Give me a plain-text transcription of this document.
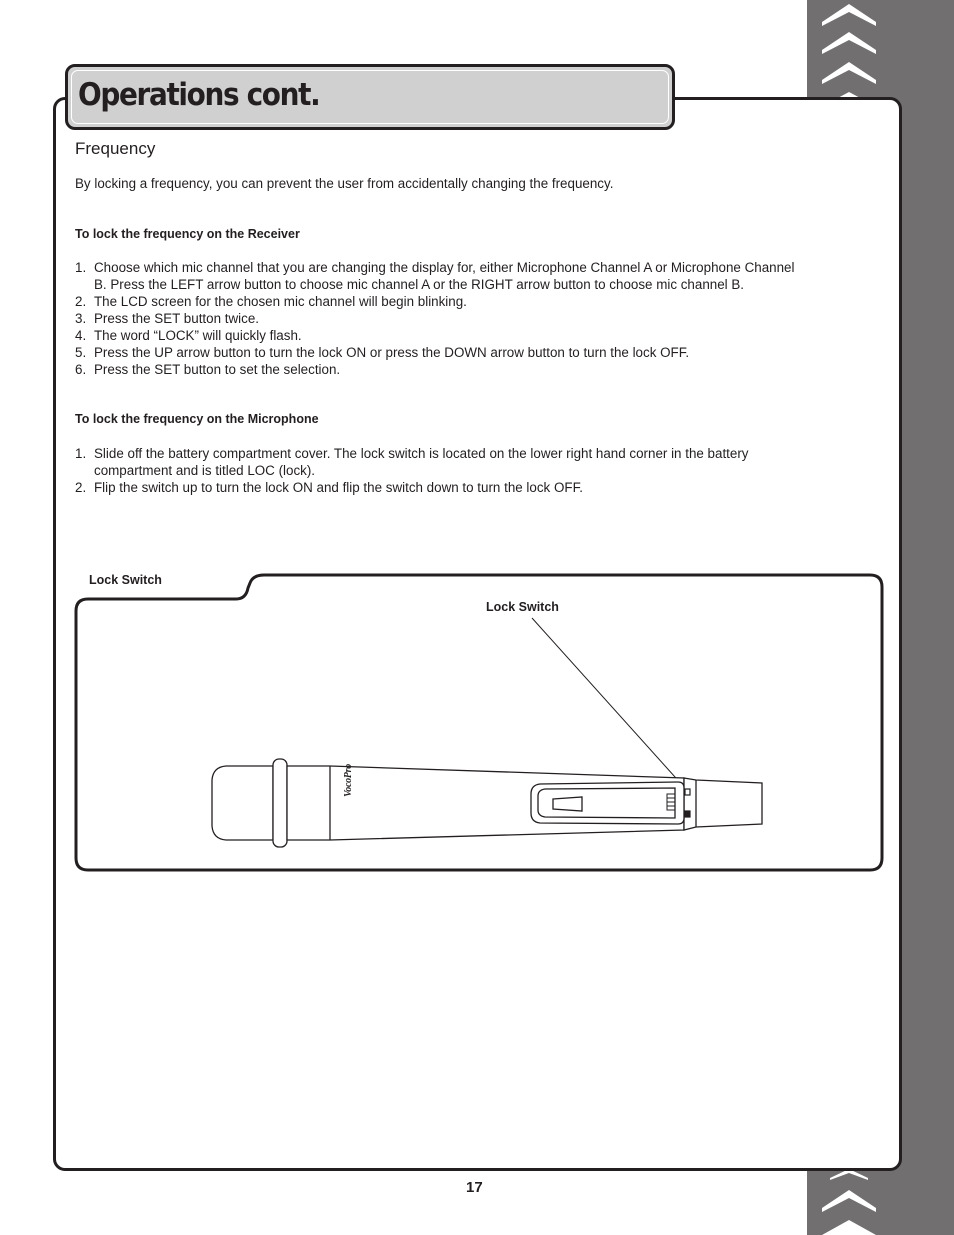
Operations cont.
Frequency
By locking a frequency, you can prevent the user from accidentally changing the frequency.
To lock the frequency on the Receiver
1. Choose which mic channel that you are changing the display for, either Microphone Channel A or Microphone Channel
B. Press the LEFT arrow button to choose mic channel A or the RIGHT arrow button to choose mic channel B.
2. The LCD screen for the chosen mic channel will begin blinking.
3. Press the SET button twice.
4. The word “LOCK” will quickly flash.
5. Press the UP arrow button to turn the lock ON or press the DOWN arrow button to turn the lock OFF.
6. Press the SET button to set the selection.
To lock the frequency on the Microphone
1. Slide off the battery compartment cover. The lock switch is located on the lower right hand corner in the battery
compartment and is titled LOC (lock).
2. Flip the switch up to turn the lock ON and flip the switch down to turn the lock OFF.
VocoPro
Lock Switch
Lock Switch
17
